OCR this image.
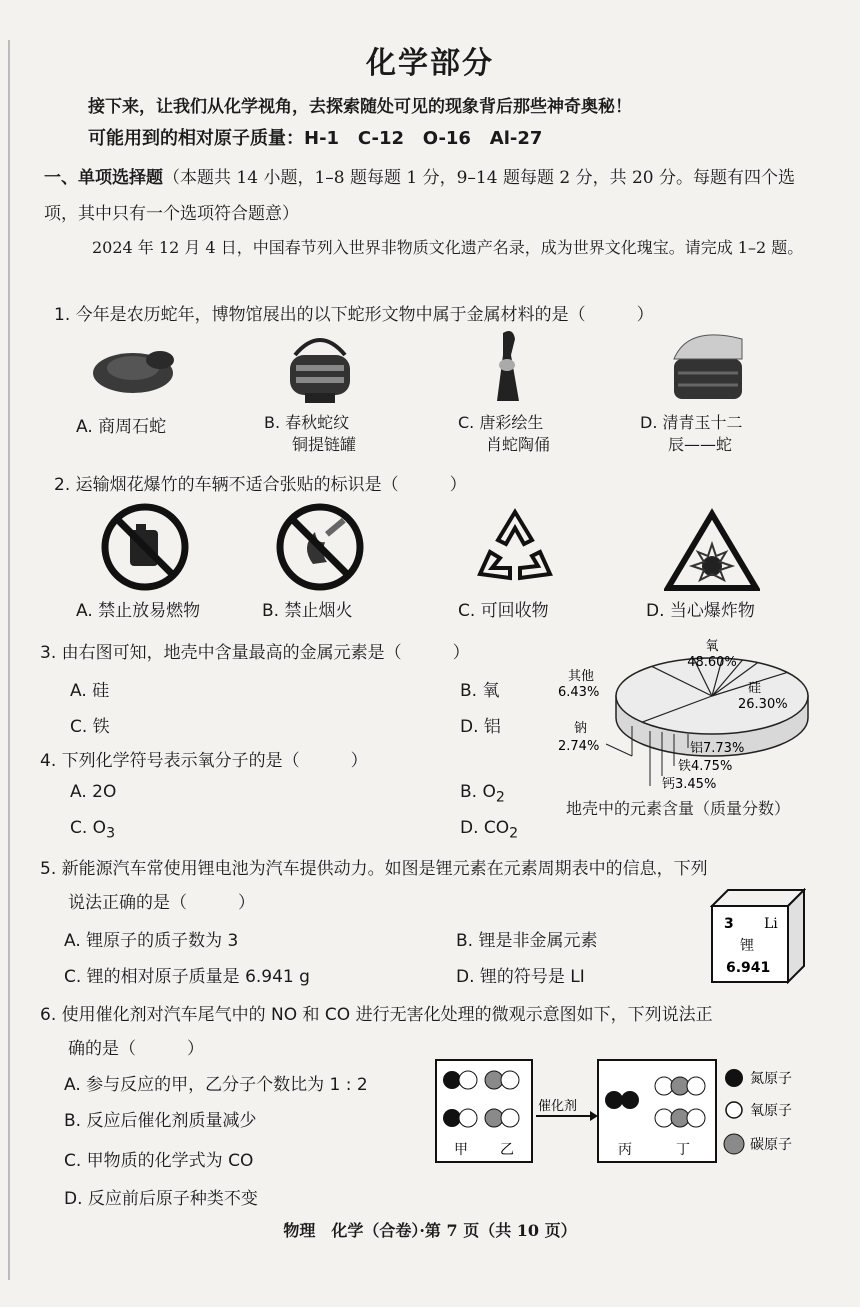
化学部分
接下来，让我们从化学视角，去探索随处可见的现象背后那些神奇奥秘！
可能用到的相对原子质量：H-1   C-12   O-16   Al-27
一、单项选择题（本题共 14 小题，1–8 题每题 1 分，9–14 题每题 2 分，共 20 分。每题有四个选项，其中只有一个选项符合题意）
2024 年 12 月 4 日，中国春节列入世界非物质文化遗产名录，成为世界文化瑰宝。请完成 1–2 题。
1. 今年是农历蛇年，博物馆展出的以下蛇形文物中属于金属材料的是（　　　）
A. 商周石蛇	B. 春秋蛇纹
铜提链罐
C. 唐彩绘生
肖蛇陶俑
D. 清青玉十二
辰——蛇
2. 运输烟花爆竹的车辆不适合张贴的标识是（　　　）
A. 禁止放易燃物	B. 禁止烟火	C. 可回收物	D. 当心爆炸物
3. 由右图可知，地壳中含量最高的金属元素是（　　　）
A. 硅	B. 氧
C. 铁	D. 铝
氧
48.60%
硅
26.30%
其他
6.43%
钠
2.74%	铝7.73%
铁4.75%
钙3.45%
地壳中的元素含量（质量分数）
4. 下列化学符号表示氧分子的是（　　　）
A. 2O	B. $O_2$
C. $O_3$	D. $CO_2$
5. 新能源汽车常使用锂电池为汽车提供动力。如图是锂元素在元素周期表中的信息，下列
说法正确的是（　　　）
A. 锂原子的质子数为 3	B. 锂是非金属元素
C. 锂的相对原子质量是 6.941 g	D. 锂的符号是 LI
3 Li
锂
6.941
6. 使用催化剂对汽车尾气中的 NO 和 CO 进行无害化处理的微观示意图如下，下列说法正
确的是（　　　）
A. 参与反应的甲，乙分子个数比为 1 : 2
B. 反应后催化剂质量减少
C. 甲物质的化学式为 CO
D. 反应前后原子种类不变
甲 乙
催化剂
丙	丁
氮原子
氧原子
碳原子
物理　化学（合卷）·第 7 页（共 10 页）
